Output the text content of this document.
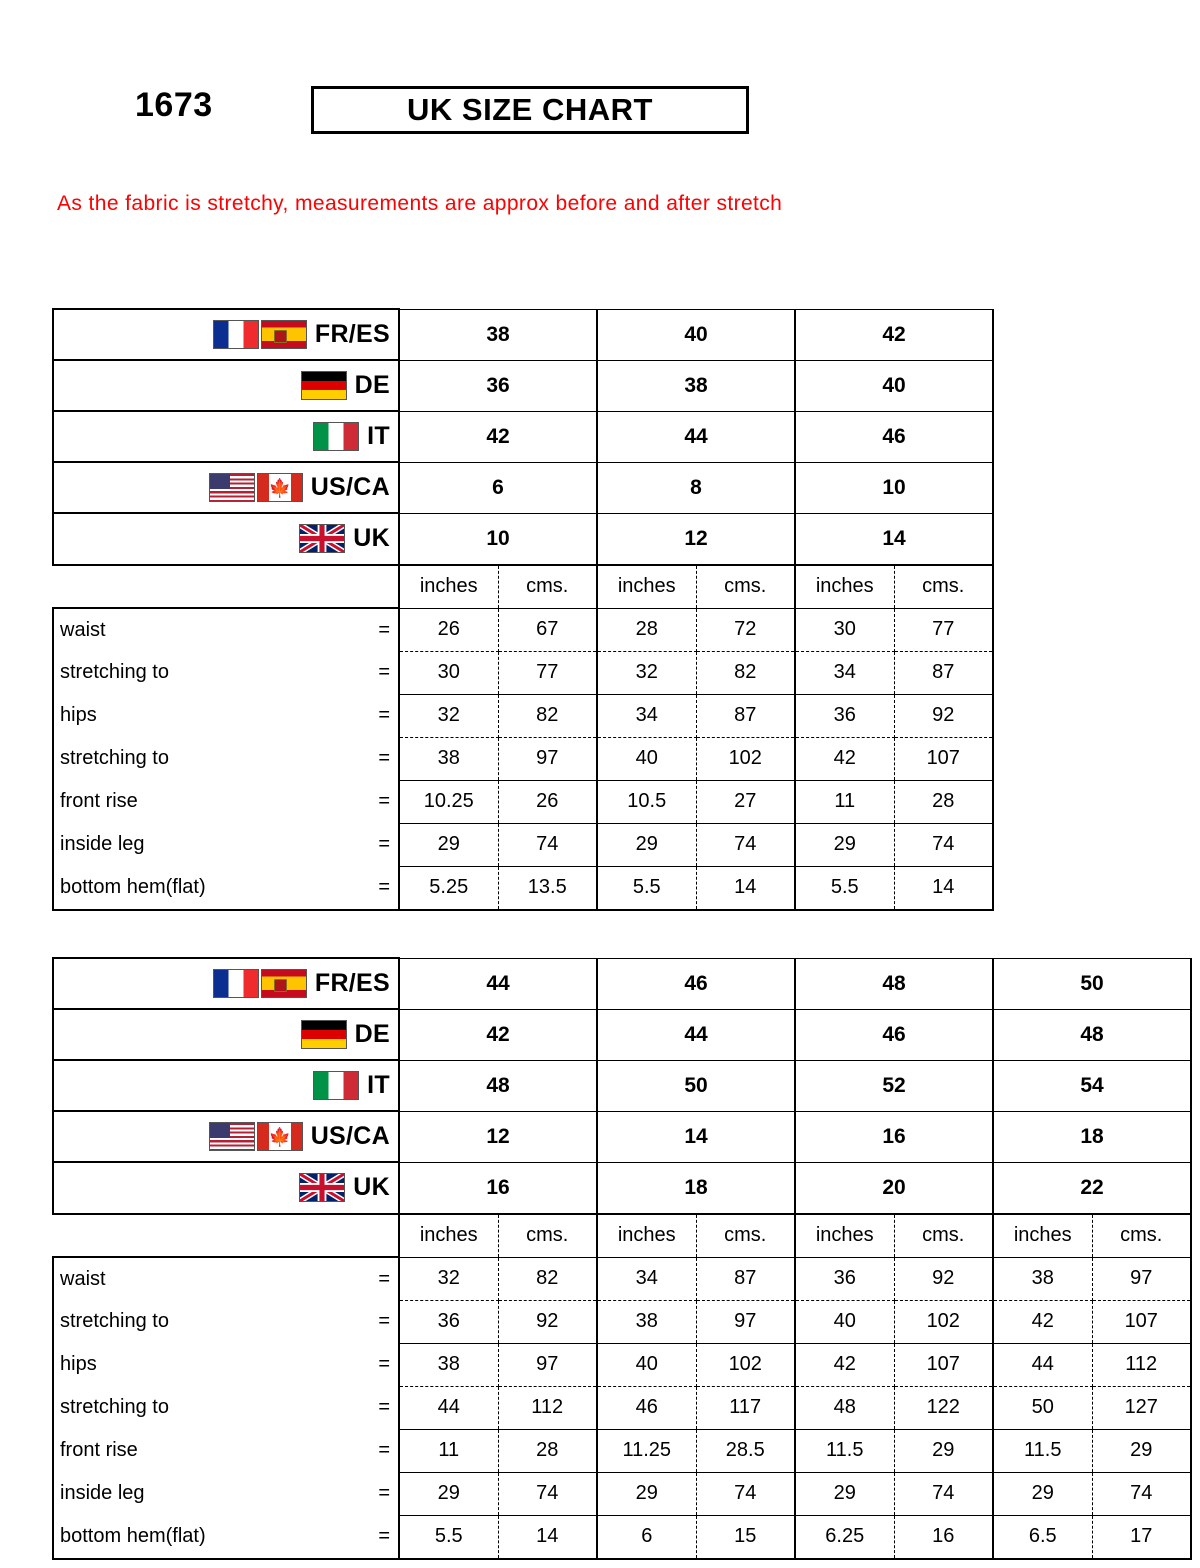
1673	UK SIZE CHART
As the fabric is stretchy, measurements are approx before and after stretch
FR/ES		38		40		42	
DE		36		38		40	
IT		42		44		46	

🍁 US/CA		6		8		10	

UK		10		12		14	
		inches	cms.	inches	cms.	inches	cms.
waist	=	26	67	28	72	30	77
stretching to	=	30	77	32	82	34	87
hips	=	32	82	34	87	36	92
stretching to	=	38	97	40	102	42	107
front rise	=	10.25	26	10.5	27	11	28
inside leg	=	29	74	29	74	29	74
bottom hem(flat)	=	5.25	13.5	5.5	14	5.5	14
FR/ES		44		46		48		50	
DE		42		44		46		48	
IT		48		50		52		54	

🍁 US/CA		12		14		16		18	

UK		16		18		20		22	
		inches	cms.	inches	cms.	inches	cms.	inches	cms.
waist	=	32	82	34	87	36	92	38	97
stretching to	=	36	92	38	97	40	102	42	107
hips	=	38	97	40	102	42	107	44	112
stretching to	=	44	112	46	117	48	122	50	127
front rise	=	11	28	11.25	28.5	11.5	29	11.5	29
inside leg	=	29	74	29	74	29	74	29	74
bottom hem(flat)	=	5.5	14	6	15	6.25	16	6.5	17
